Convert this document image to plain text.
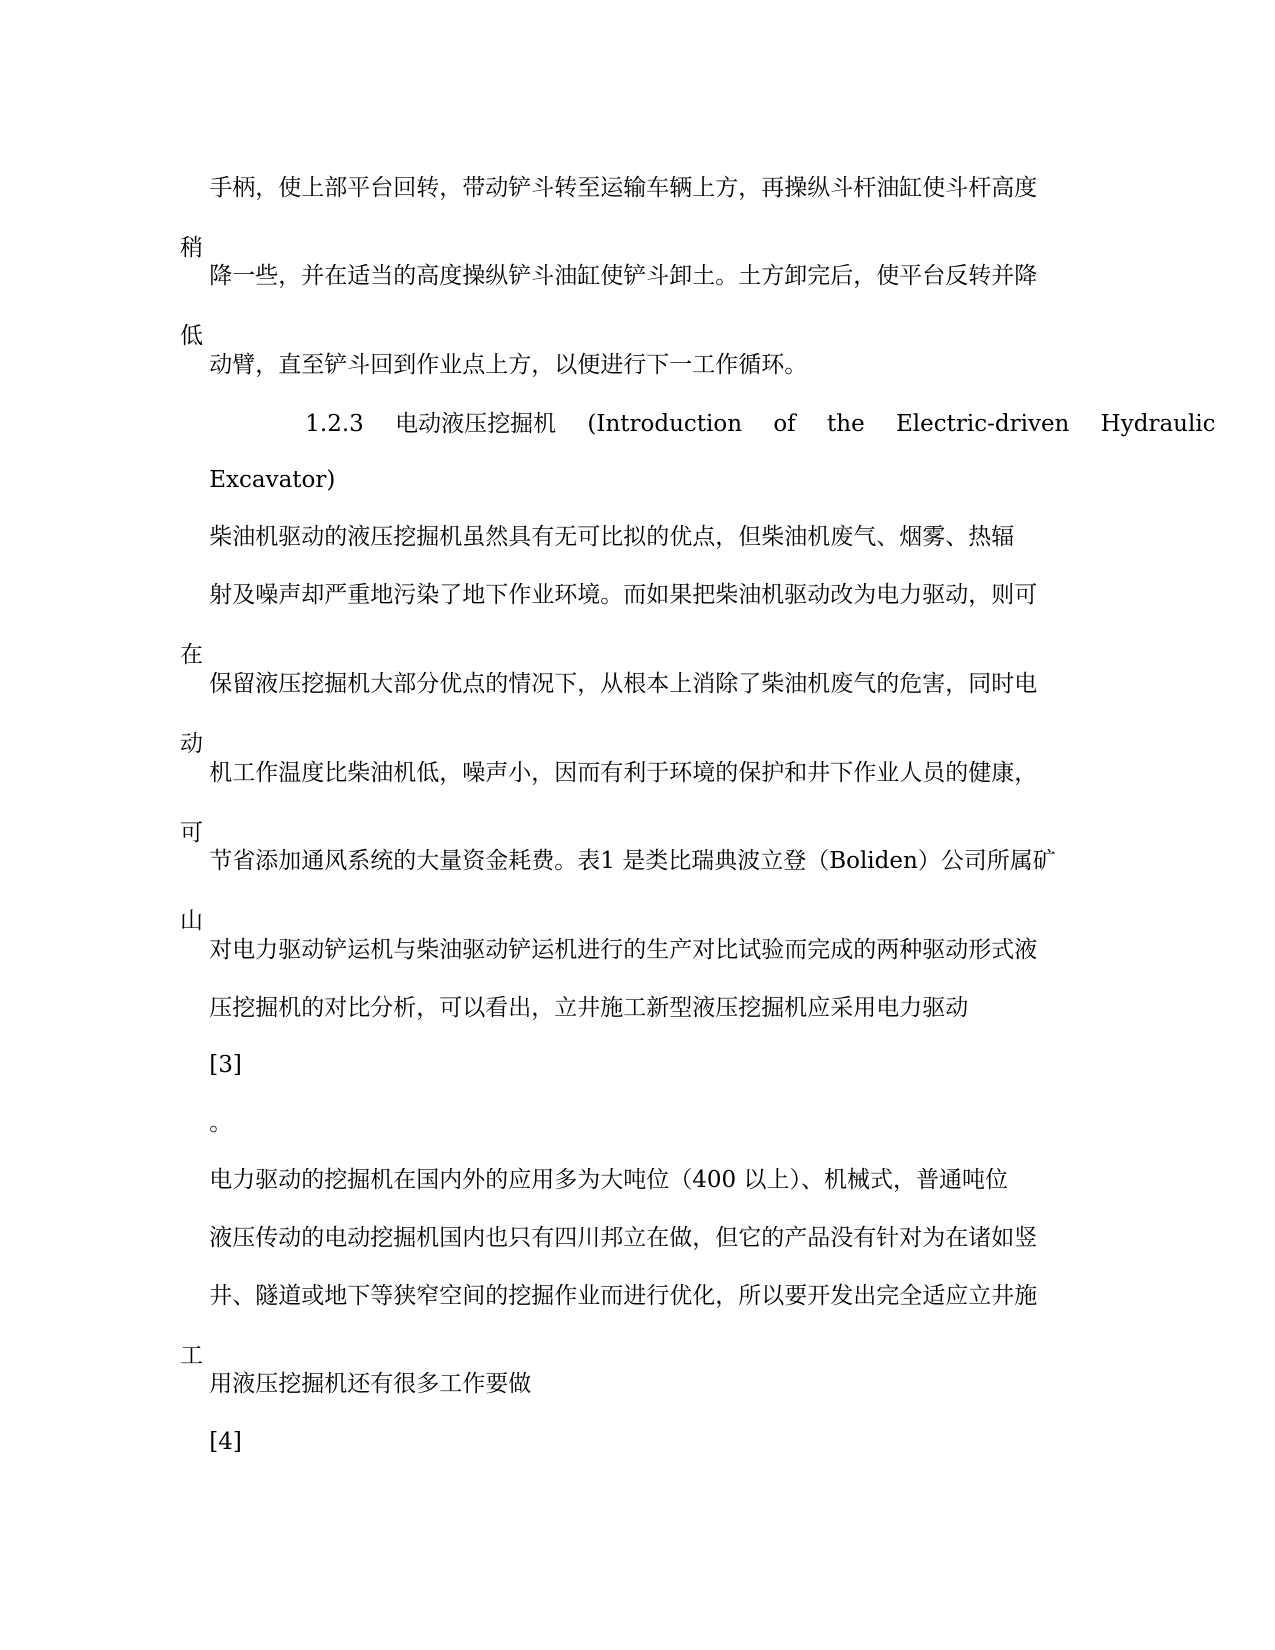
手柄，使上部平台回转，带动铲斗转至运输车辆上方，再操纵斗杆油缸使斗杆高度

稍

降一些，并在适当的高度操纵铲斗油缸使铲斗卸土。土方卸完后，使平台反转并降

低

动臂，直至铲斗回到作业点上方，以便进行下一工作循环。

1.2.3 电动液压挖掘机 (Introduction of the Electric-driven Hydraulic

Excavator)

柴油机驱动的液压挖掘机虽然具有无可比拟的优点，但柴油机废气、烟雾、热辐

射及噪声却严重地污染了地下作业环境。而如果把柴油机驱动改为电力驱动，则可

在

保留液压挖掘机大部分优点的情况下，从根本上消除了柴油机废气的危害，同时电

动

机工作温度比柴油机低，噪声小，因而有利于环境的保护和井下作业人员的健康，

可

节省添加通风系统的大量资金耗费。表1 是类比瑞典波立登（Boliden）公司所属矿

山

对电力驱动铲运机与柴油驱动铲运机进行的生产对比试验而完成的两种驱动形式液

压挖掘机的对比分析，可以看出，立井施工新型液压挖掘机应采用电力驱动

[3]

。

电力驱动的挖掘机在国内外的应用多为大吨位（400 以上）、机械式，普通吨位

液压传动的电动挖掘机国内也只有四川邦立在做，但它的产品没有针对为在诸如竖

井、隧道或地下等狭窄空间的挖掘作业而进行优化，所以要开发出完全适应立井施

工

用液压挖掘机还有很多工作要做

[4]
